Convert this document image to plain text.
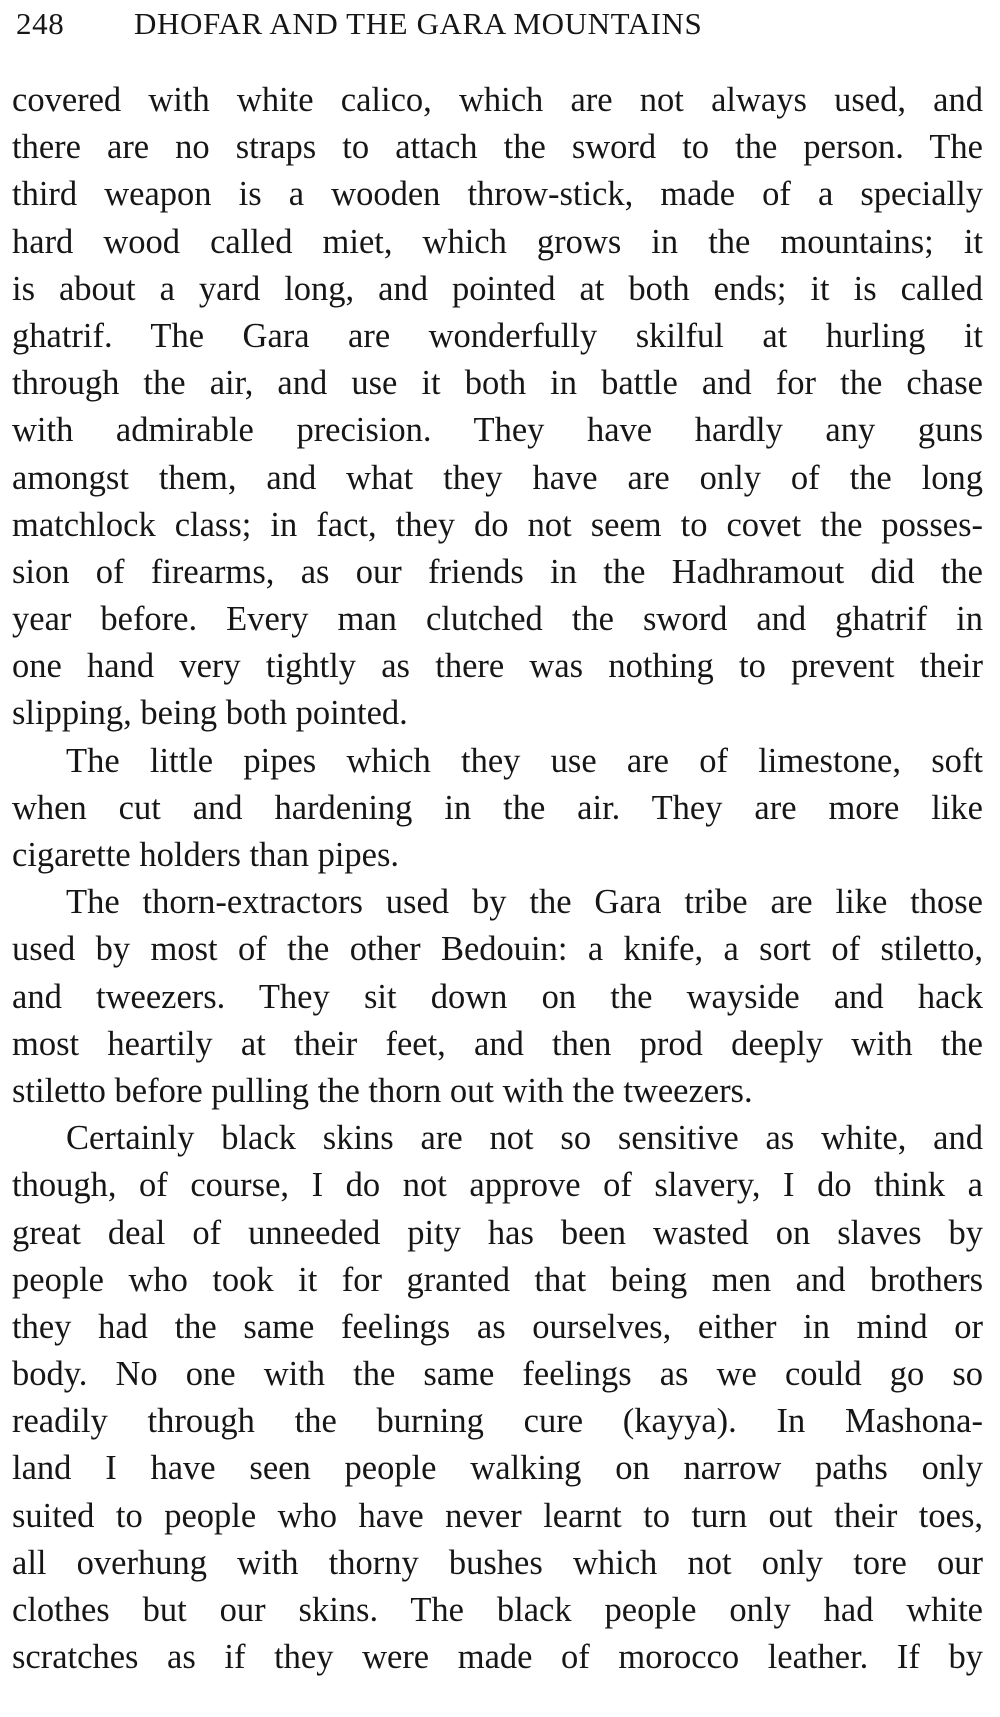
248	DHOFAR AND THE GARA MOUNTAINS
covered with white calico, which are not always used, and
there are no straps to attach the sword to the person. The
third weapon is a wooden throw-stick, made of a specially
hard wood called miet, which grows in the mountains; it
is about a yard long, and pointed at both ends; it is called
ghatrif. The Gara are wonderfully skilful at hurling it
through the air, and use it both in battle and for the chase
with admirable precision. They have hardly any guns
amongst them, and what they have are only of the long
matchlock class; in fact, they do not seem to covet the posses-
sion of firearms, as our friends in the Hadhramout did the
year before. Every man clutched the sword and ghatrif in
one hand very tightly as there was nothing to prevent their
slipping, being both pointed.
The little pipes which they use are of limestone, soft
when cut and hardening in the air. They are more like
cigarette holders than pipes.
The thorn-extractors used by the Gara tribe are like those
used by most of the other Bedouin: a knife, a sort of stiletto,
and tweezers. They sit down on the wayside and hack
most heartily at their feet, and then prod deeply with the
stiletto before pulling the thorn out with the tweezers.
Certainly black skins are not so sensitive as white, and
though, of course, I do not approve of slavery, I do think a
great deal of unneeded pity has been wasted on slaves by
people who took it for granted that being men and brothers
they had the same feelings as ourselves, either in mind or
body. No one with the same feelings as we could go so
readily through the burning cure (kayya). In Mashona-
land I have seen people walking on narrow paths only
suited to people who have never learnt to turn out their toes,
all overhung with thorny bushes which not only tore our
clothes but our skins. The black people only had white
scratches as if they were made of morocco leather. If by
